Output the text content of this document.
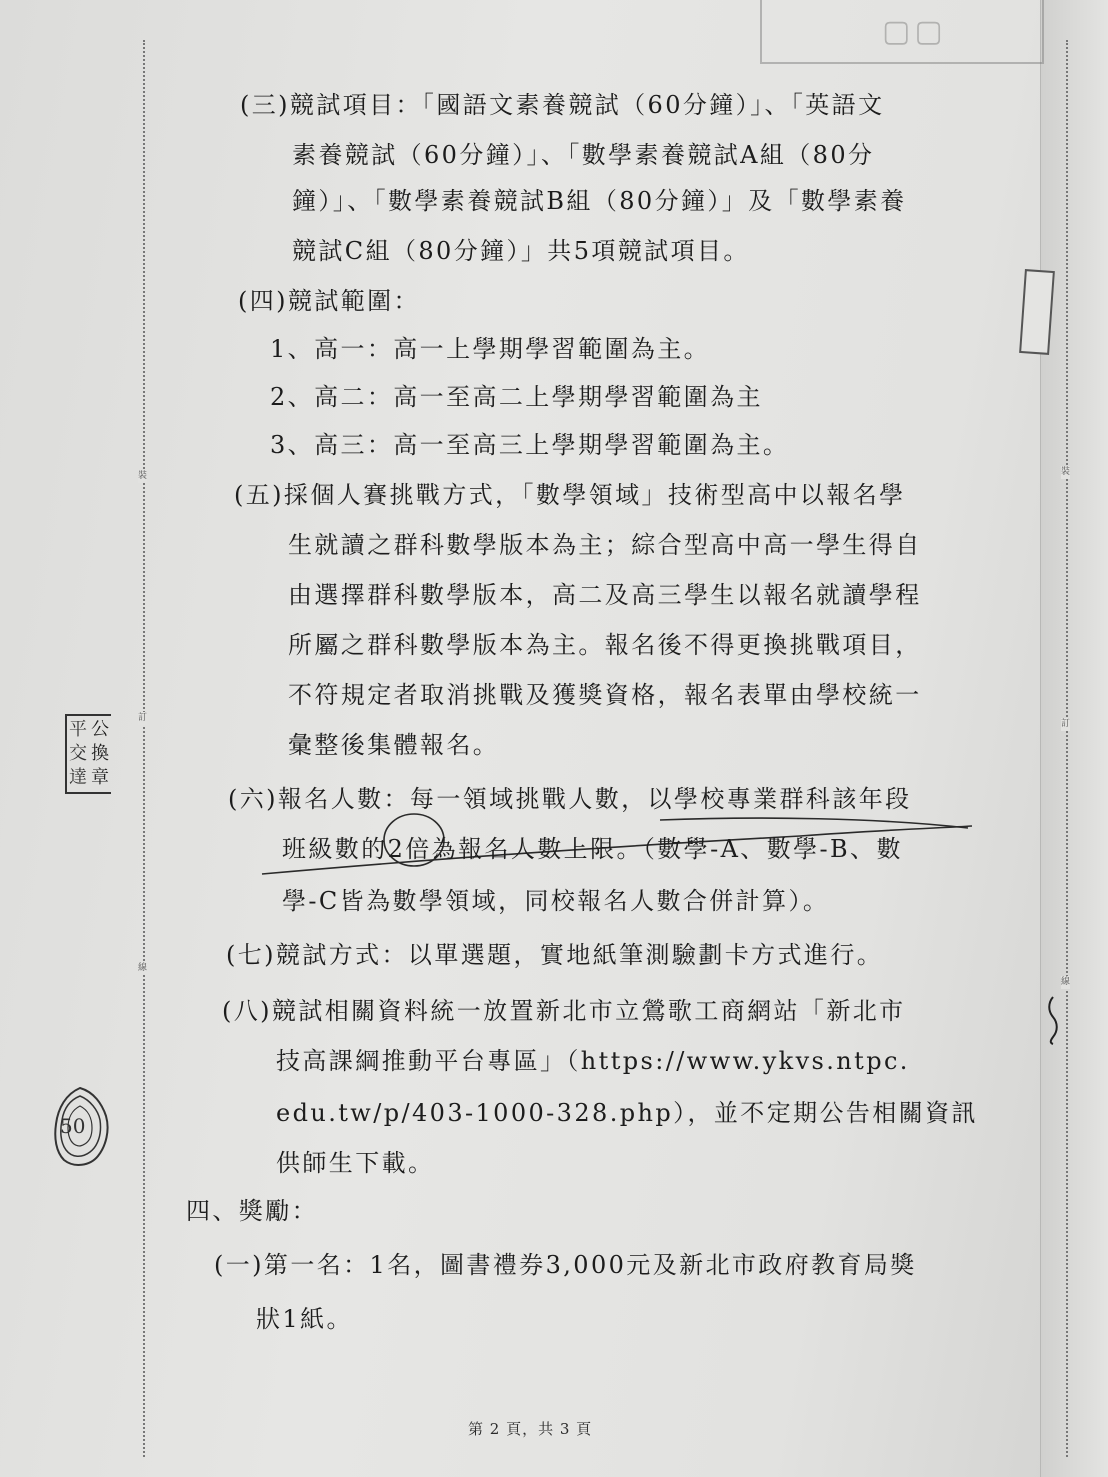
裝
訂
線
裝
訂
線
▢▢
公換章
平交達
50
(三)競試項目：「國語文素養競試（60分鐘）」、「英語文
素養競試（60分鐘）」、「數學素養競試A組（80分
鐘）」、「數學素養競試B組（80分鐘）」及「數學素養
競試C組（80分鐘）」共5項競試項目。
(四)競試範圍：
1、高一：高一上學期學習範圍為主。
2、高二：高一至高二上學期學習範圍為主
3、高三：高一至高三上學期學習範圍為主。
(五)採個人賽挑戰方式，「數學領域」技術型高中以報名學
生就讀之群科數學版本為主；綜合型高中高一學生得自
由選擇群科數學版本，高二及高三學生以報名就讀學程
所屬之群科數學版本為主。報名後不得更換挑戰項目，
不符規定者取消挑戰及獲獎資格，報名表單由學校統一
彙整後集體報名。
(六)報名人數：每一領域挑戰人數，以學校專業群科該年段
班級數的2倍為報名人數上限。（數學-A、數學-B、數
學-C皆為數學領域，同校報名人數合併計算）。
(七)競試方式：以單選題，實地紙筆測驗劃卡方式進行。
(八)競試相關資料統一放置新北市立鶯歌工商網站「新北市
技高課綱推動平台專區」（https://www.ykvs.ntpc.
edu.tw/p/403-1000-328.php），並不定期公告相關資訊
供師生下載。
四、獎勵：
(一)第一名：1名，圖書禮券3,000元及新北市政府教育局獎
狀1紙。
第 2 頁，共 3 頁
